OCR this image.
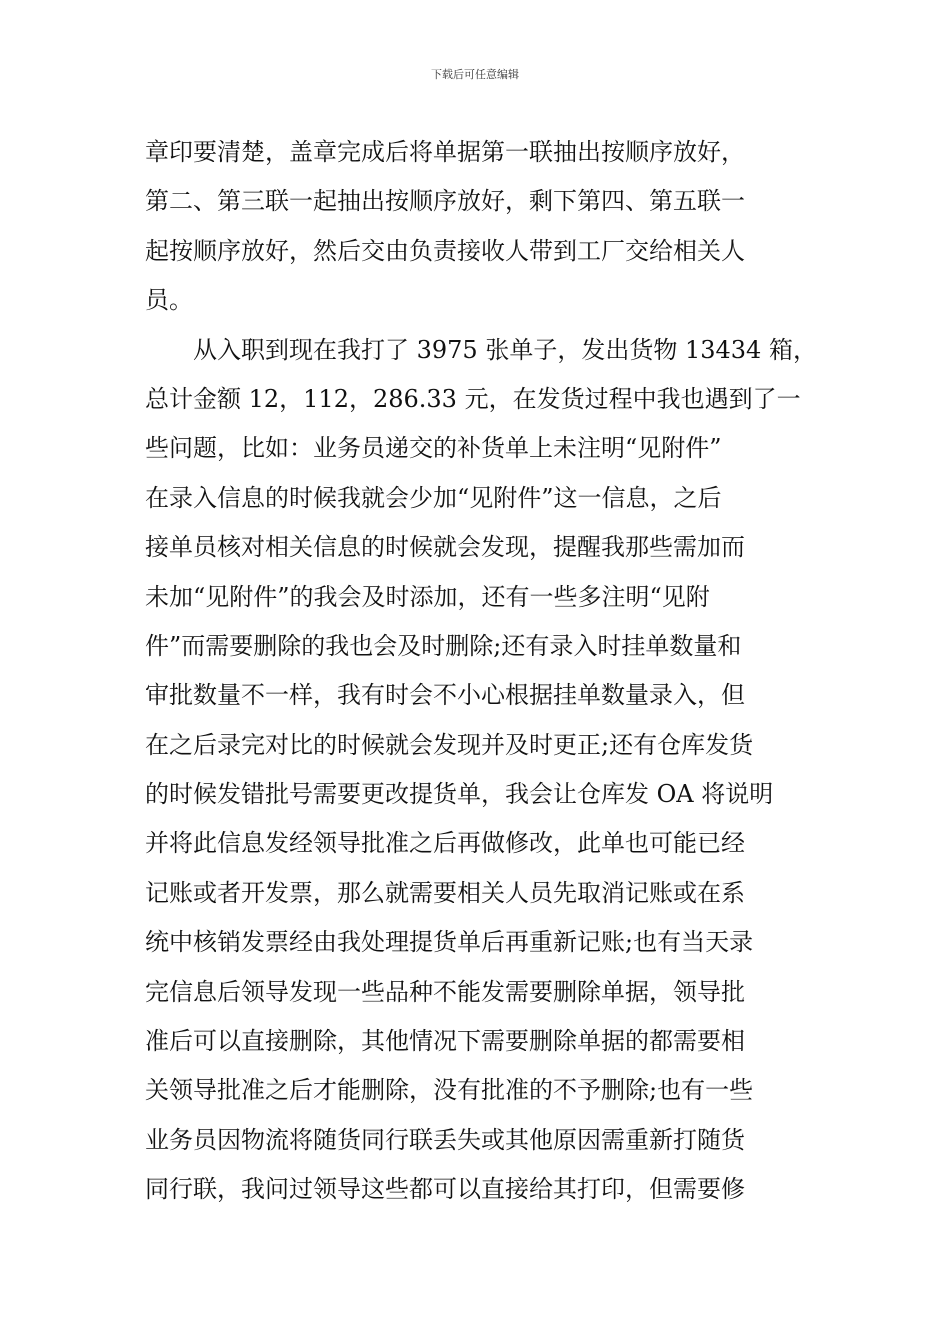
下载后可任意编辑
章印要清楚，盖章完成后将单据第一联抽出按顺序放好，
第二、第三联一起抽出按顺序放好，剩下第四、第五联一
起按顺序放好，然后交由负责接收人带到工厂交给相关人
员。
从入职到现在我打了 3975 张单子，发出货物 13434 箱，
总计金额 12，112，286.33 元，在发货过程中我也遇到了一
些问题，比如：业务员递交的补货单上未注明“见附件”
在录入信息的时候我就会少加“见附件”这一信息，之后
接单员核对相关信息的时候就会发现，提醒我那些需加而
未加“见附件”的我会及时添加，还有一些多注明“见附
件”而需要删除的我也会及时删除;还有录入时挂单数量和
审批数量不一样，我有时会不小心根据挂单数量录入，但
在之后录完对比的时候就会发现并及时更正;还有仓库发货
的时候发错批号需要更改提货单，我会让仓库发 OA 将说明
并将此信息发经领导批准之后再做修改，此单也可能已经
记账或者开发票，那么就需要相关人员先取消记账或在系
统中核销发票经由我处理提货单后再重新记账;也有当天录
完信息后领导发现一些品种不能发需要删除单据，领导批
准后可以直接删除，其他情况下需要删除单据的都需要相
关领导批准之后才能删除，没有批准的不予删除;也有一些
业务员因物流将随货同行联丢失或其他原因需重新打随货
同行联，我问过领导这些都可以直接给其打印，但需要修
